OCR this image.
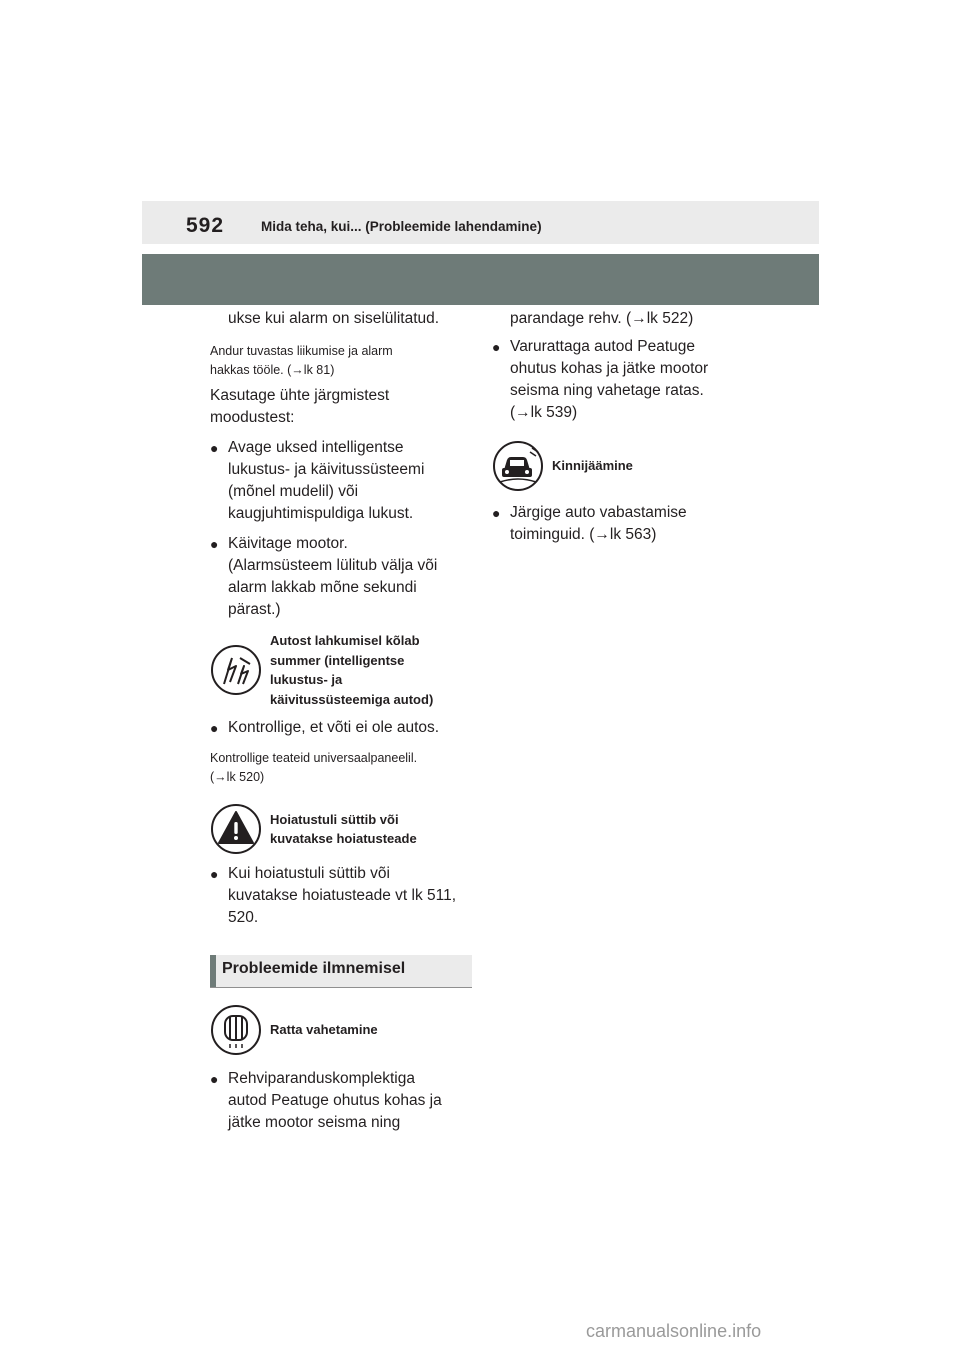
592	Mida teha, kui... (Probleemide lahendamine)

ukse kui alarm on siselülitatud.

Andur tuvastas liikumise ja alarm
hakkas tööle. (→lk 81)

Kasutage ühte järgmistest
moodustest:

● Avage uksed intelligentse
lukustus- ja käivitussüsteemi
(mõnel mudelil) või
kaugjuhtimispuldiga lukust.
● Käivitage mootor.
(Alarmsüsteem lülitub välja või
alarm lakkab mõne sekundi
pärast.)
Autost lahkumisel kõlab
summer (intelligentse
lukustus- ja
käivitussüsteemiga autod)
● Kontrollige, et võti ei ole autos.

Kontrollige teateid universaalpaneelil.
(→lk 520)

Hoiatustuli süttib või
kuvatakse hoiatusteade
● Kui hoiatustuli süttib või
kuvatakse hoiatusteade vt lk 511,
520.
Probleemide ilmnemisel
Ratta vahetamine
● Rehviparanduskomplektiga
autod Peatuge ohutus kohas ja
jätke mootor seisma ning

parandage rehv. (→lk 522)

● Varurattaga autod Peatuge
ohutus kohas ja jätke mootor
seisma ning vahetage ratas.
(→lk 539)
Kinnijäämine
● Järgige auto vabastamise
toiminguid. (→lk 563)
carmanualsonline.info
